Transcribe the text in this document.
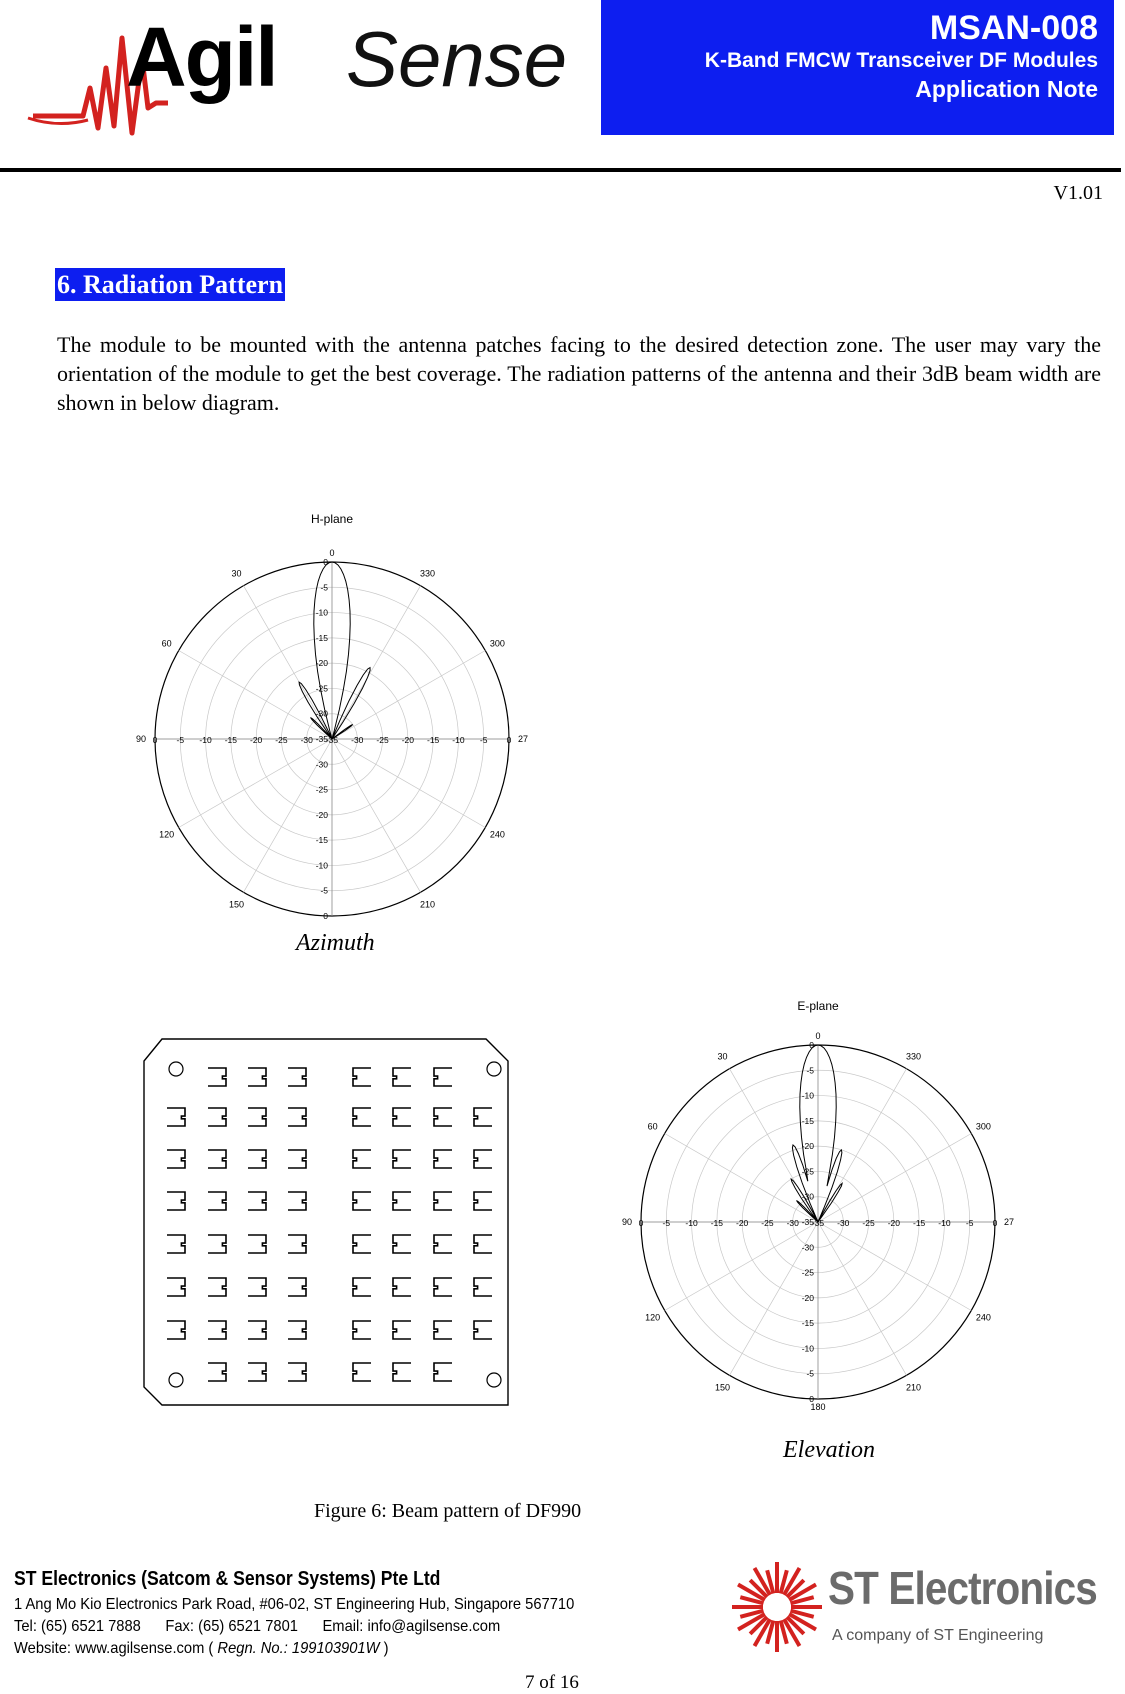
Agil Sense	MSAN-008
K-Band FMCW Transceiver DF Modules
Application Note
V1.01
6. Radiation Pattern
The module to be mounted with the antenna patches facing to the desired detection zone. The user may vary the orientation of the module to get the best coverage. The radiation patterns of the antenna and their 3dB beam width are shown in below diagram.
H-plane
30
60
90
120
150	210
240
27
300
330
0
0
0
-5
-5
-10
-10
-15
-15
-20
-20
-25
-25
-30
-30
-35
0 -5 -10 -15 -20 -25 -30 -35 -30 -25 -20 -15 -10 -5 0
Azimuth
E-plane
30
60
90
120
150	210
240
27
300
330
0
180
0
0
-5
-5
-10
-10
-15
-15
-20
-20
-25
-25
-30
-30
-35
0 -5 -10 -15 -20 -25 -30 -35 -30 -25 -20 -15 -10 -5 0
Elevation
Figure 6: Beam pattern of DF990
ST Electronics (Satcom & Sensor Systems) Pte Ltd
1 Ang Mo Kio Electronics Park Road, #06-02, ST Engineering Hub, Singapore 567710
Tel: (65) 6521 7888 Fax: (65) 6521 7801 Email: info@agilsense.com
Website: www.agilsense.com ( Regn. No.: 199103901W )
ST Electronics
A company of ST Engineering
7 of 16
